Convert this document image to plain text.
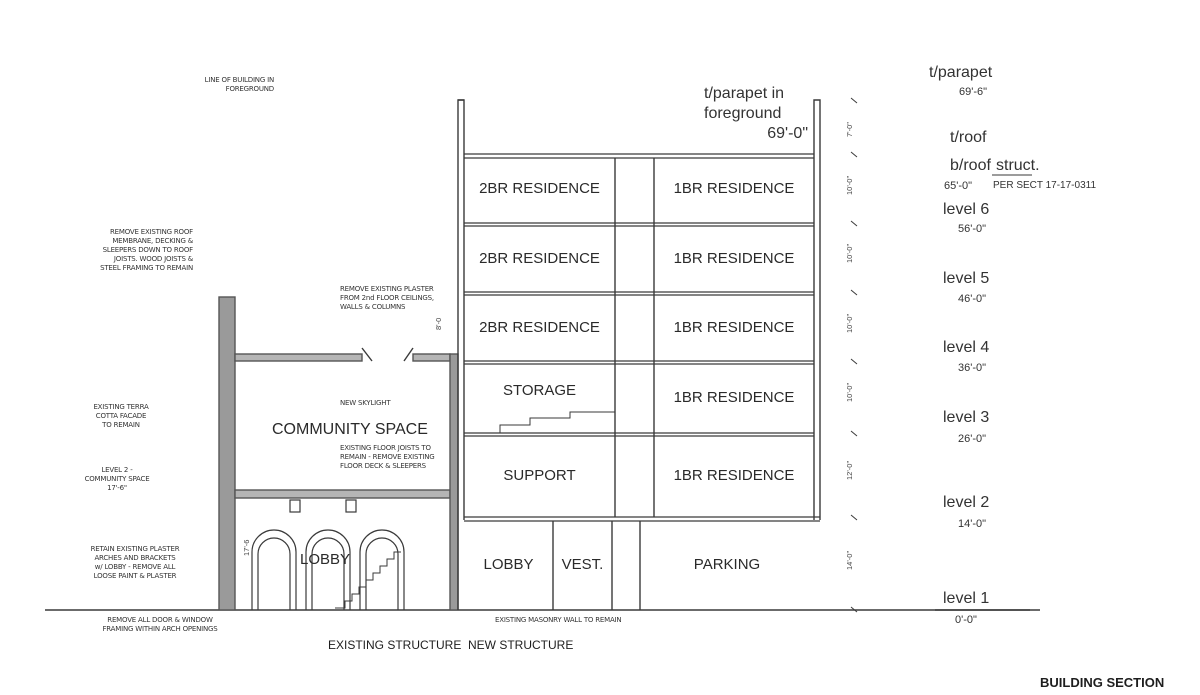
LINE OF BUILDING IN
FOREGROUND
REMOVE EXISTING ROOF
MEMBRANE, DECKING &
SLEEPERS DOWN TO ROOF
JOISTS. WOOD JOISTS &
STEEL FRAMING TO REMAIN
REMOVE EXISTING PLASTER
FROM 2nd FLOOR CEILINGS,
WALLS & COLUMNS
EXISTING TERRA
COTTA FACADE
TO REMAIN
LEVEL 2 -
COMMUNITY SPACE
17'-6"
NEW SKYLIGHT
EXISTING FLOOR JOISTS TO
REMAIN - REMOVE EXISTING
FLOOR DECK & SLEEPERS
RETAIN EXISTING PLASTER
ARCHES AND BRACKETS
w/ LOBBY - REMOVE ALL
LOOSE PAINT & PLASTER
REMOVE ALL DOOR & WINDOW
FRAMING WITHIN ARCH OPENINGS
EXISTING MASONRY WALL TO REMAIN
8'-0
17'-6
COMMUNITY SPACE
LOBBY
2BR RESIDENCE	1BR RESIDENCE
2BR RESIDENCE	1BR RESIDENCE
2BR RESIDENCE	1BR RESIDENCE
STORAGE	1BR RESIDENCE
SUPPORT	1BR RESIDENCE
LOBBY	VEST.	PARKING
t/parapet in
foreground
69'-0"	7'-0"
10'-0"
10'-0"
10'-0"
10'-0"
12'-0"
14'-0"
t/parapet
69'-6"
t/roof
b/roof struct.
65'-0" PER SECT 17-17-0311
level 6
56'-0"
level 5
46'-0"
level 4
36'-0"
level 3
26'-0"
level 2
14'-0"
level 1
0'-0"
EXISTING STRUCTURE NEW STRUCTURE
BUILDING SECTION
